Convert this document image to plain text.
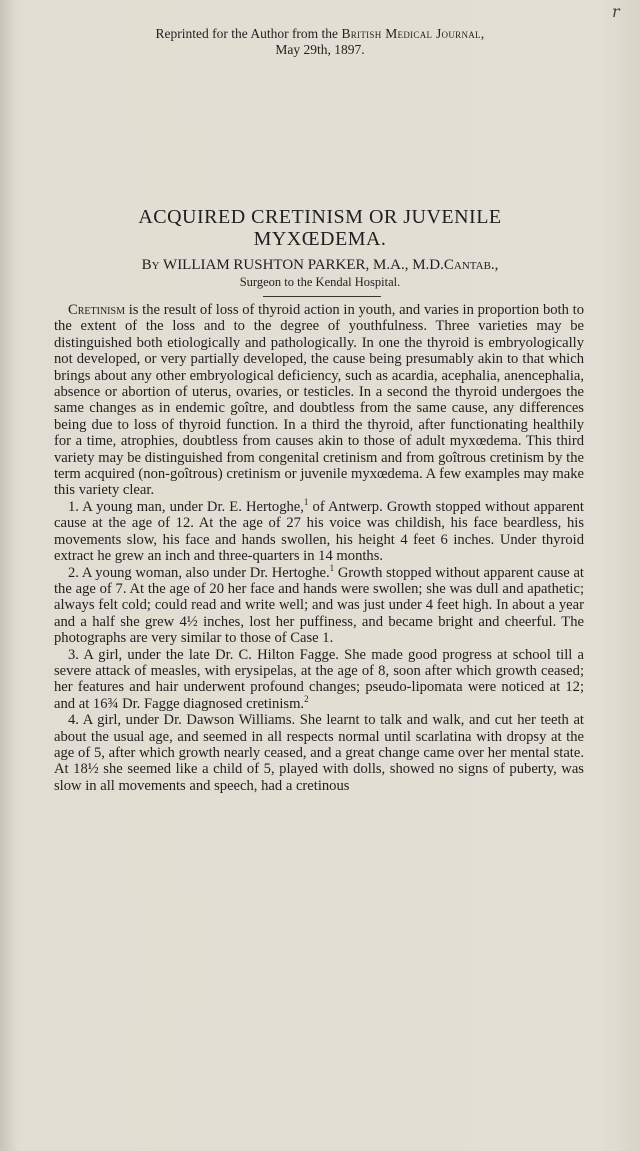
r
Reprinted for the Author from the British Medical Journal,
May 29th, 1897.
ACQUIRED CRETINISM OR JUVENILE
MYXŒDEMA.
By WILLIAM RUSHTON PARKER, M.A., M.D.Cantab.,
Surgeon to the Kendal Hospital.

Cretinism is the result of loss of thyroid action in youth, and varies in proportion both to the extent of the loss and to the degree of youthfulness. Three varieties may be distinguished both etiologically and pathologically. In one the thyroid is embryologically not developed, or very partially developed, the cause being presumably akin to that which brings about any other embryological deficiency, such as acardia, acephalia, anencephalia, absence or abortion of uterus, ovaries, or testicles. In a second the thyroid undergoes the same changes as in endemic goître, and doubtless from the same cause, any differences being due to loss of thyroid function. In a third the thyroid, after functionating healthily for a time, atrophies, doubtless from causes akin to those of adult myxœdema. This third variety may be distinguished from congenital cretinism and from goîtrous cretinism by the term acquired (non-goîtrous) cretinism or juvenile myxœdema. A few examples may make this variety clear.

1. A young man, under Dr. E. Hertoghe,$^1$ of Antwerp. Growth stopped without apparent cause at the age of 12. At the age of 27 his voice was childish, his face beardless, his movements slow, his face and hands swollen, his height 4 feet 6 inches. Under thyroid extract he grew an inch and three-quarters in 14 months.

2. A young woman, also under Dr. Hertoghe.$^1$ Growth stopped without apparent cause at the age of 7. At the age of 20 her face and hands were swollen; she was dull and apathetic; always felt cold; could read and write well; and was just under 4 feet high. In about a year and a half she grew 4½ inches, lost her puffiness, and became bright and cheerful. The photographs are very similar to those of Case 1.

3. A girl, under the late Dr. C. Hilton Fagge. She made good progress at school till a severe attack of measles, with erysipelas, at the age of 8, soon after which growth ceased; her features and hair underwent profound changes; pseudo-lipomata were noticed at 12; and at 16¾ Dr. Fagge diagnosed cretinism.$^2$

4. A girl, under Dr. Dawson Williams. She learnt to talk and walk, and cut her teeth at about the usual age, and seemed in all respects normal until scarlatina with dropsy at the age of 5, after which growth nearly ceased, and a great change came over her mental state. At 18½ she seemed like a child of 5, played with dolls, showed no signs of puberty, was slow in all movements and speech, had a cretinous
